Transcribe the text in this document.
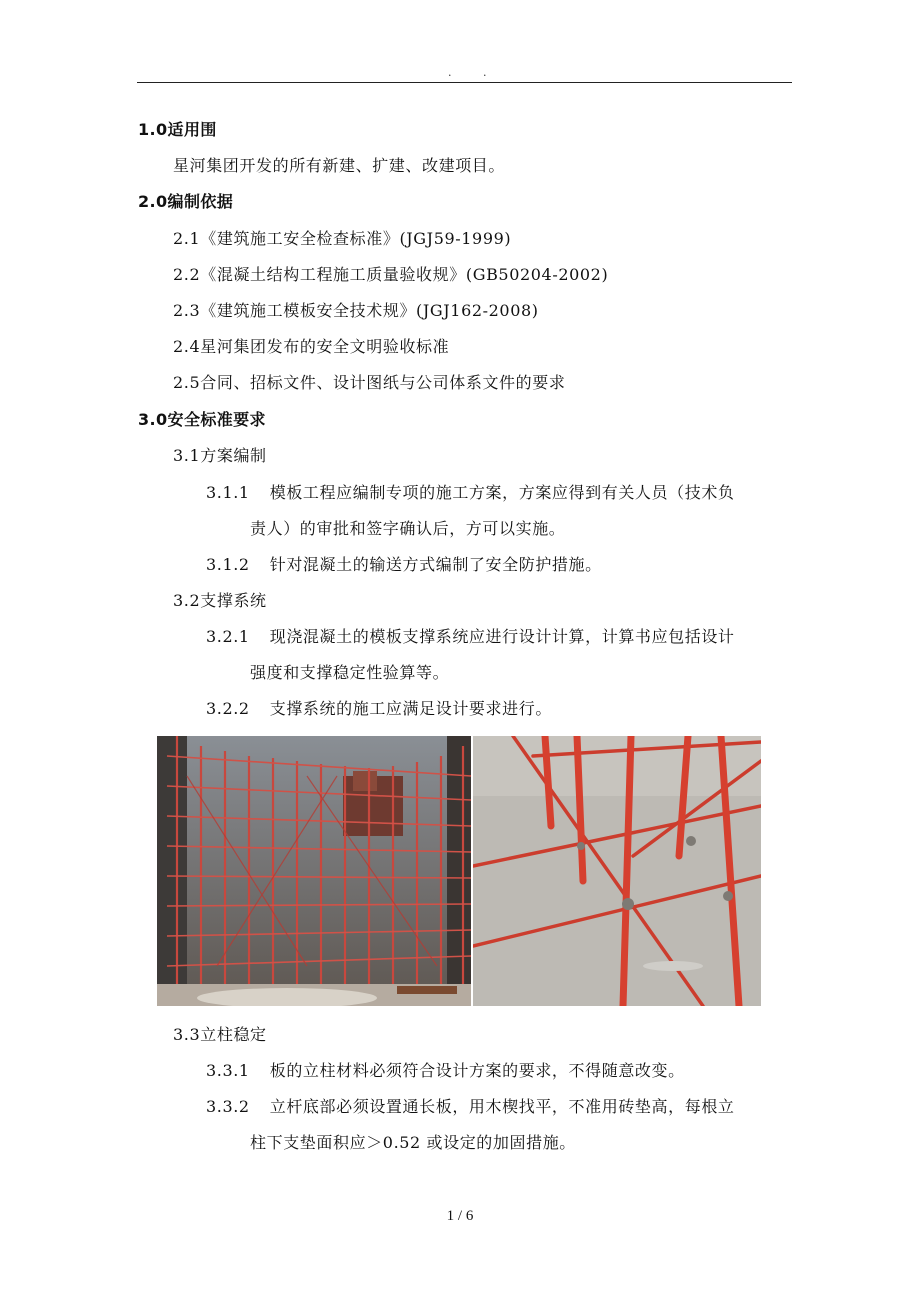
. .
1.0适用围
星河集团开发的所有新建、扩建、改建项目。
2.0编制依据
2.1《建筑施工安全检查标准》(JGJ59-1999)
2.2《混凝土结构工程施工质量验收规》(GB50204-2002)
2.3《建筑施工模板安全技术规》(JGJ162-2008)
2.4星河集团发布的安全文明验收标准
2.5合同、招标文件、设计图纸与公司体系文件的要求
3.0安全标准要求
3.1方案编制
3.1.1 模板工程应编制专项的施工方案，方案应得到有关人员（技术负
责人）的审批和签字确认后，方可以实施。
3.1.2 针对混凝土的输送方式编制了安全防护措施。
3.2支撑系统
3.2.1 现浇混凝土的模板支撑系统应进行设计计算，计算书应包括设计
强度和支撑稳定性验算等。
3.2.2 支撑系统的施工应满足设计要求进行。
3.3立柱稳定
3.3.1 板的立柱材料必须符合设计方案的要求，不得随意改变。
3.3.2 立杆底部必须设置通长板，用木楔找平，不准用砖垫高，每根立
柱下支垫面积应＞0.52 或设定的加固措施。
1 / 6
